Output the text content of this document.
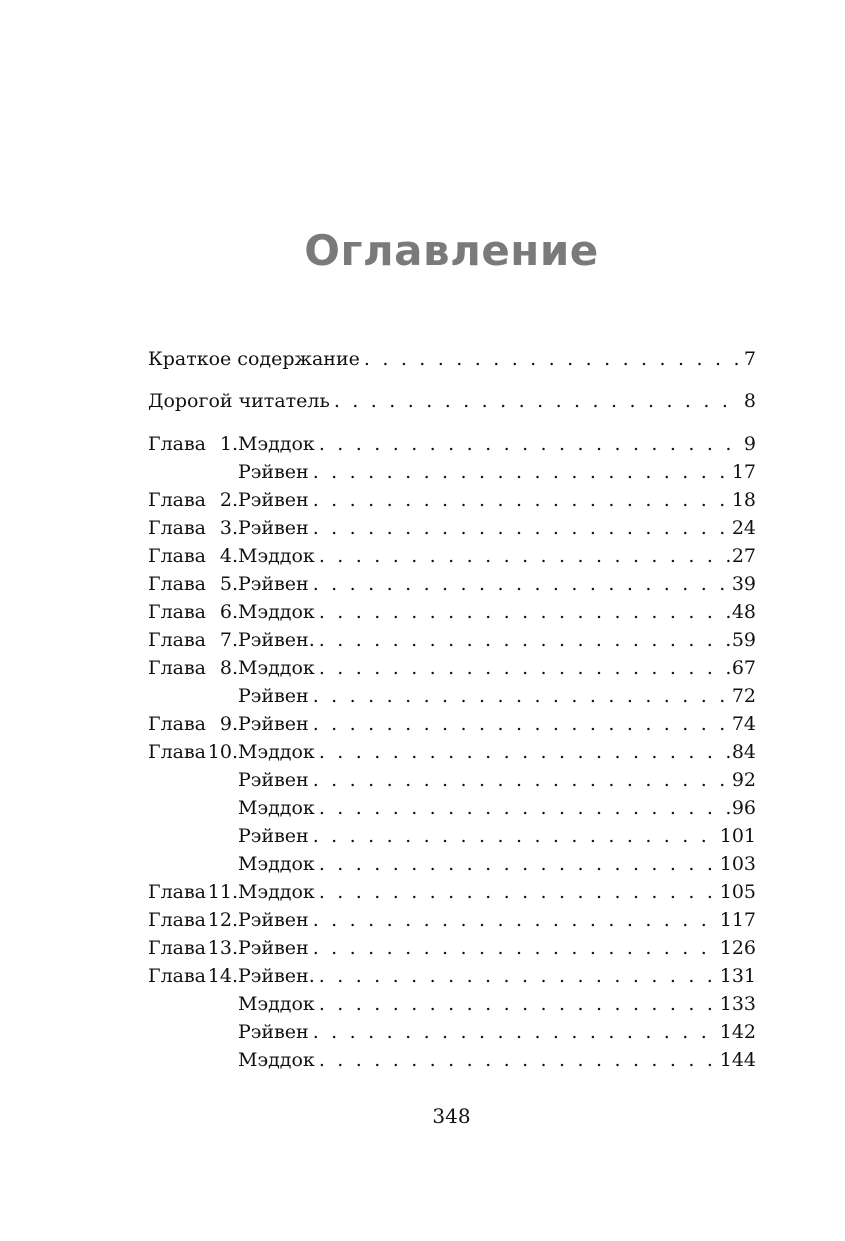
Оглавление
Краткое содержание . . .	7
Дорогой читатель . . .	8
Глава 1. Мэддок . . .	9
Рэйвен . . .	17
Глава 2. Рэйвен . . .	18
Глава 3. Рэйвен . . .	24
Глава 4. Мэддок . . .	27
Глава 5. Рэйвен . . .	39
Глава 6. Мэддок . . .	48
Глава 7. Рэйвен. . . .	59
Глава 8. Мэддок . . .	67
Рэйвен . . .	72
Глава 9. Рэйвен . . .	74
Глава10. Мэддок . . .	84
Рэйвен . . .	92
Мэддок . . .	96
Рэйвен . . .	101
Мэддок . . .	103
Глава11. Мэддок . . .	105
Глава12. Рэйвен . . .	117
Глава13. Рэйвен . . .	126
Глава14. Рэйвен. . . .	131
Мэддок . . .	133
Рэйвен . . .	142
Мэддок . . .	144
348
